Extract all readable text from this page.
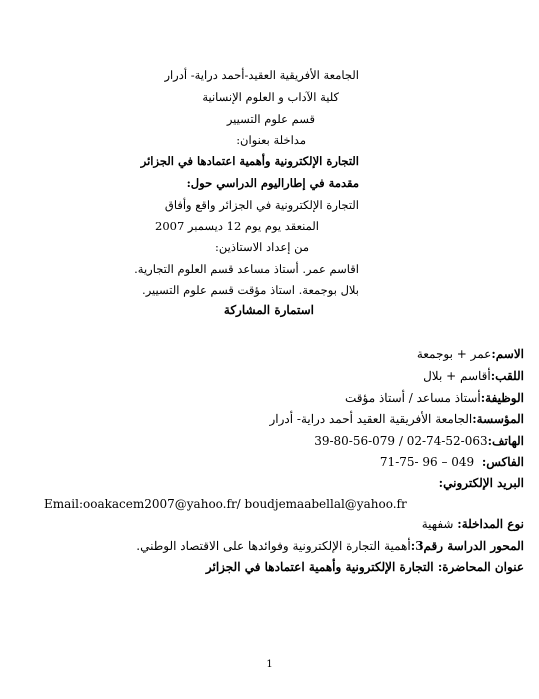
الجامعة الأفريقية العقيد-أحمد دراية- أدرار
كلية الآداب و العلوم الإنسانية
قسم علوم التسيير
مداخلة بعنوان:
التجارة الإلكترونية وأهمية اعتمادها في الجزائر
مقدمة في إطاراليوم الدراسي حول:
التجارة الإلكترونية في الجزائر واقع وأفاق
المنعقد يوم يوم 12 ديسمبر 2007
من إعداد الاستاذين:
اقاسم عمر. أستاذ مساعد قسم العلوم التجارية.
بلال بوجمعة. استاذ مؤقت قسم علوم التسيير.
استمارة المشاركة
الاسم:عمر + بوجمعة
اللقب:أقاسم + بلال
الوظيفة:أستاذ مساعد / أستاذ مؤقت
المؤسسة:الجامعة الأفريقية العقيد أحمد دراية- أدرار
الهاتف:39-80-56-079 / 02-74-52-063
الفاكس:  71-75- 96 – 049
البريد الإلكتروني:
Email:ooakacem2007@yahoo.fr/ boudjemaabellal@yahoo.fr
نوع المداخلة: شفهية
المحور الدراسة رقم3:أهمية التجارة الإلكترونية وفوائدها على الاقتصاد الوطني.
عنوان المحاضرة: التجارة الإلكترونية وأهمية اعتمادها في الجزائر
1
